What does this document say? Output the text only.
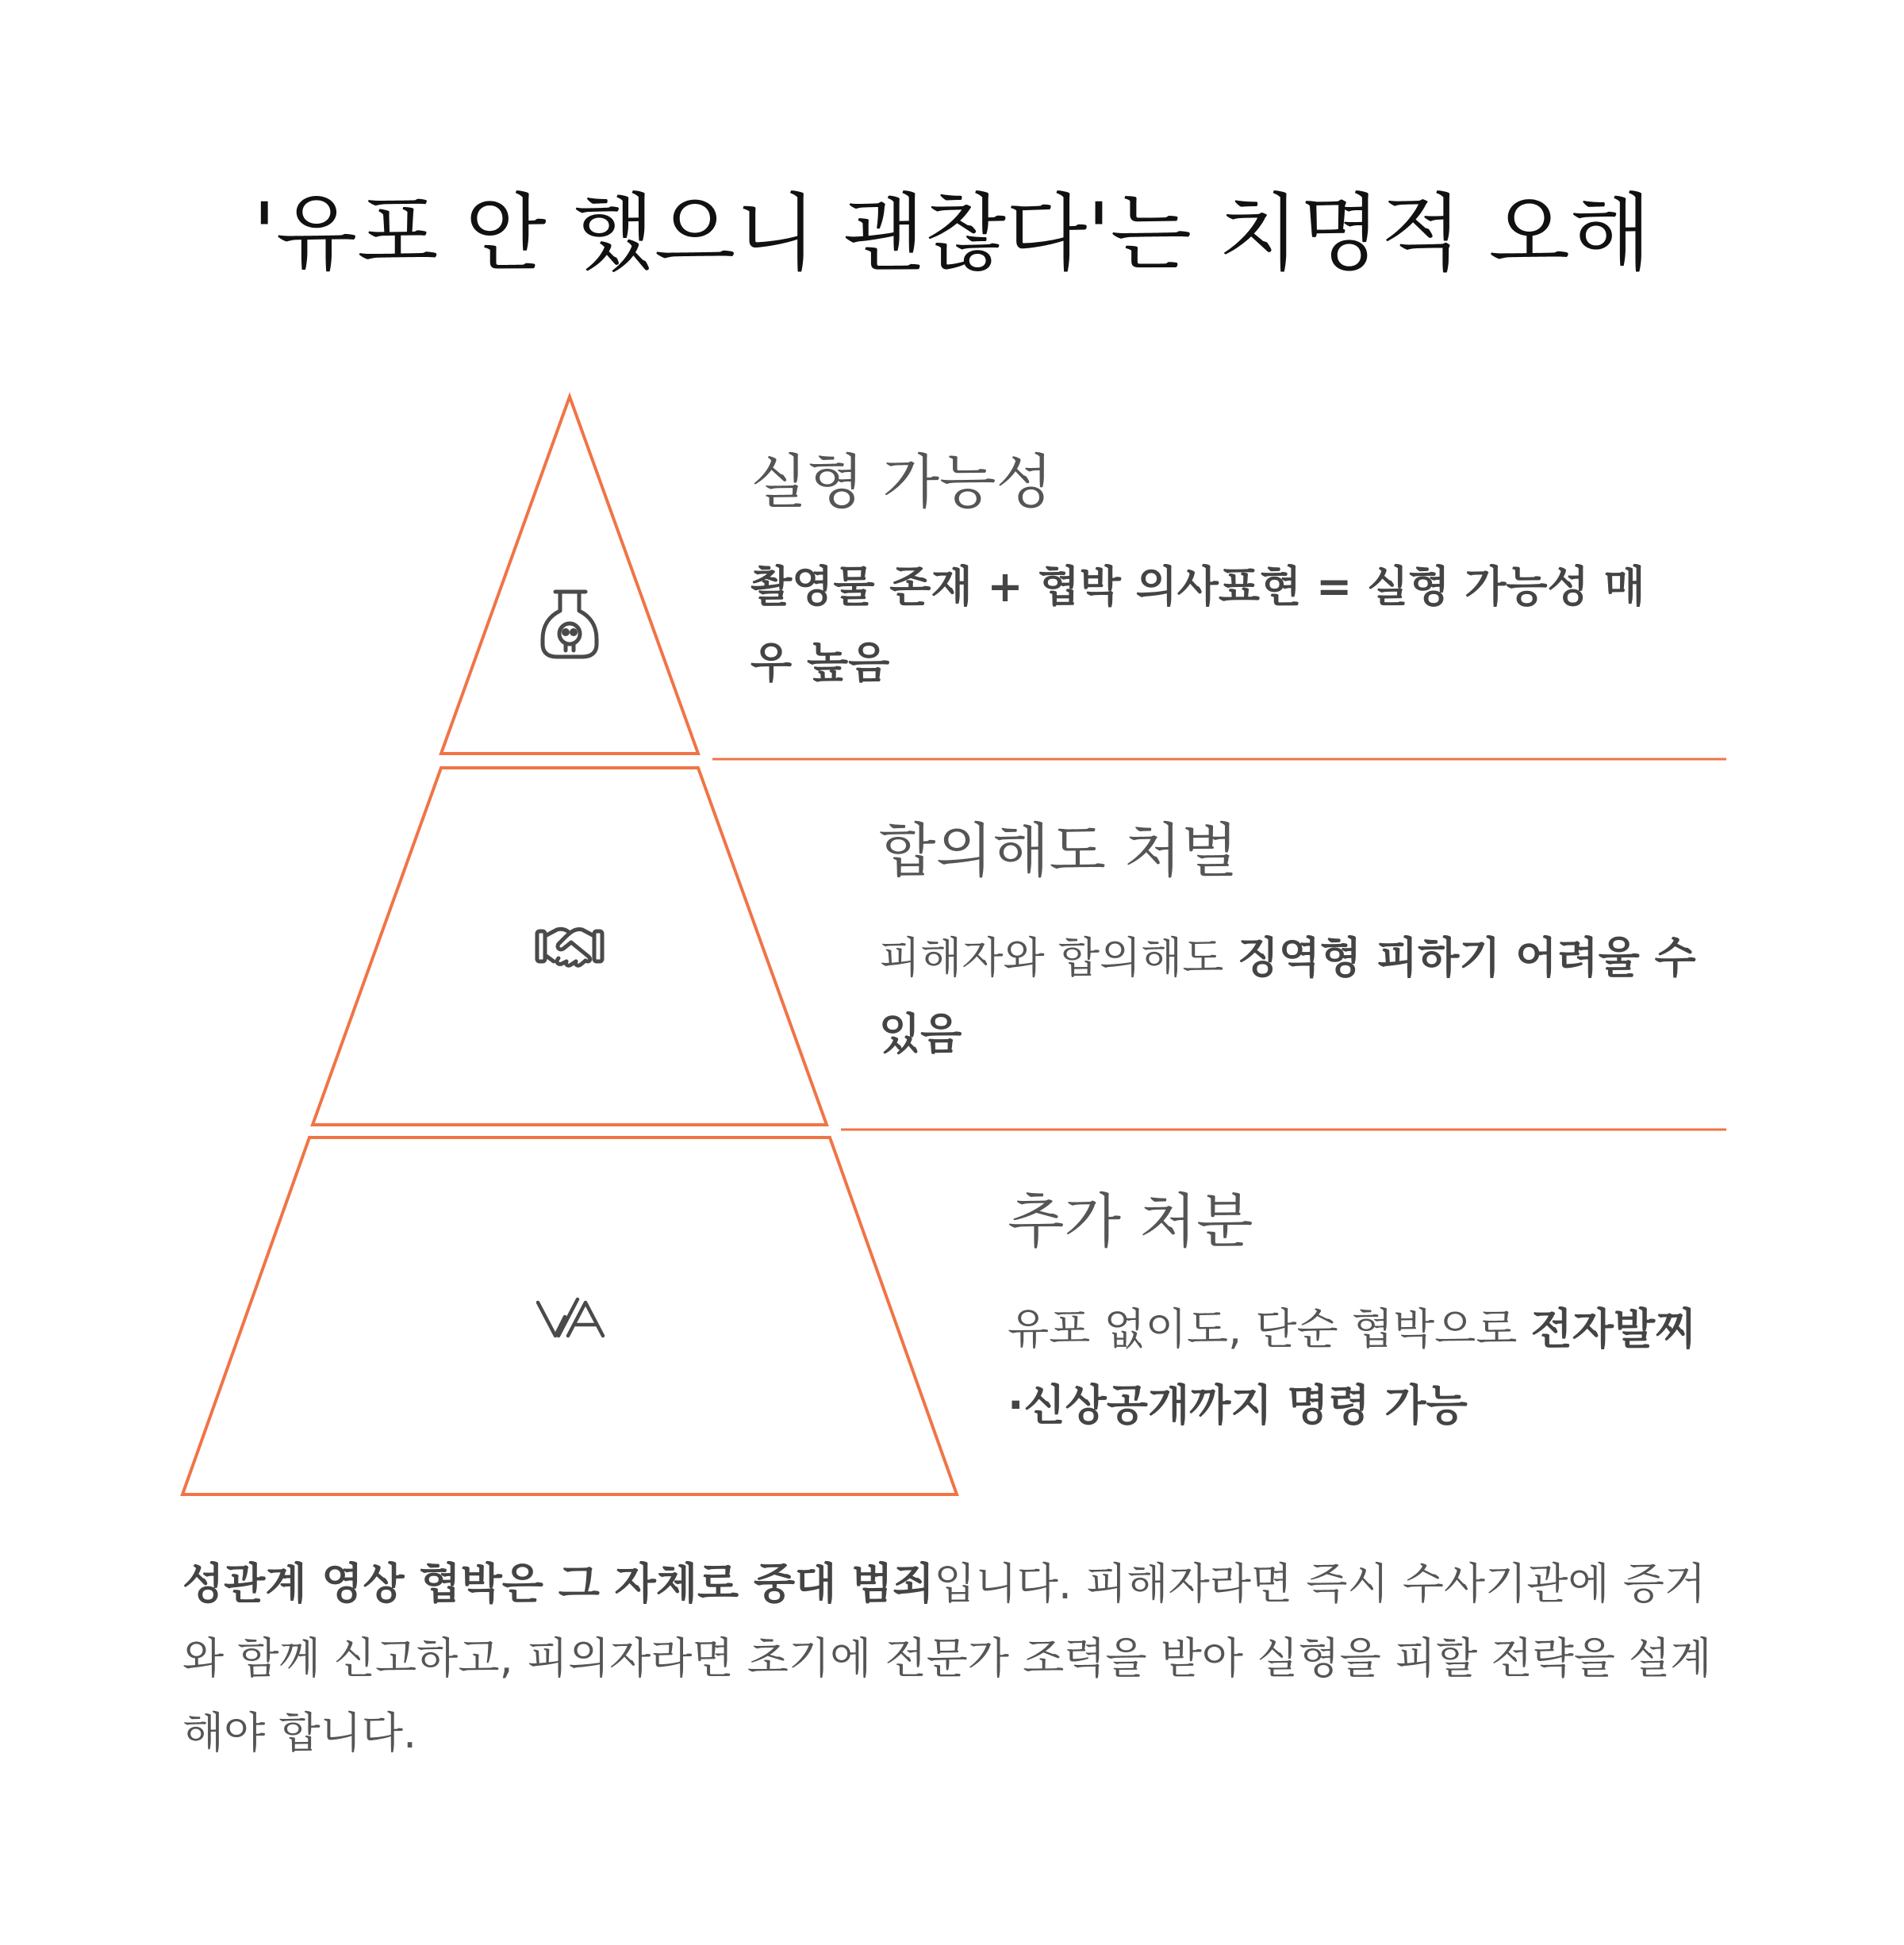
'유포 안 했으니 괜찮다'는 치명적 오해
실형 가능성
촬영물 존재 + 협박 의사표현 = 실형 가능성 매우 높음
합의해도 처벌
피해자와 합의해도 징역형 피하기 어려울 수 있음
추가 처분
유포 없이도, 단순 협박으로 전자발찌·신상공개까지 명령 가능
성관계 영상 협박은 그 자체로 중대 범죄입니다. 피해자라면 즉시 수사기관에 증거와 함께 신고하고, 피의자라면 초기에 전문가 조력을 받아 실형을 피할 전략을 설계해야 합니다.
